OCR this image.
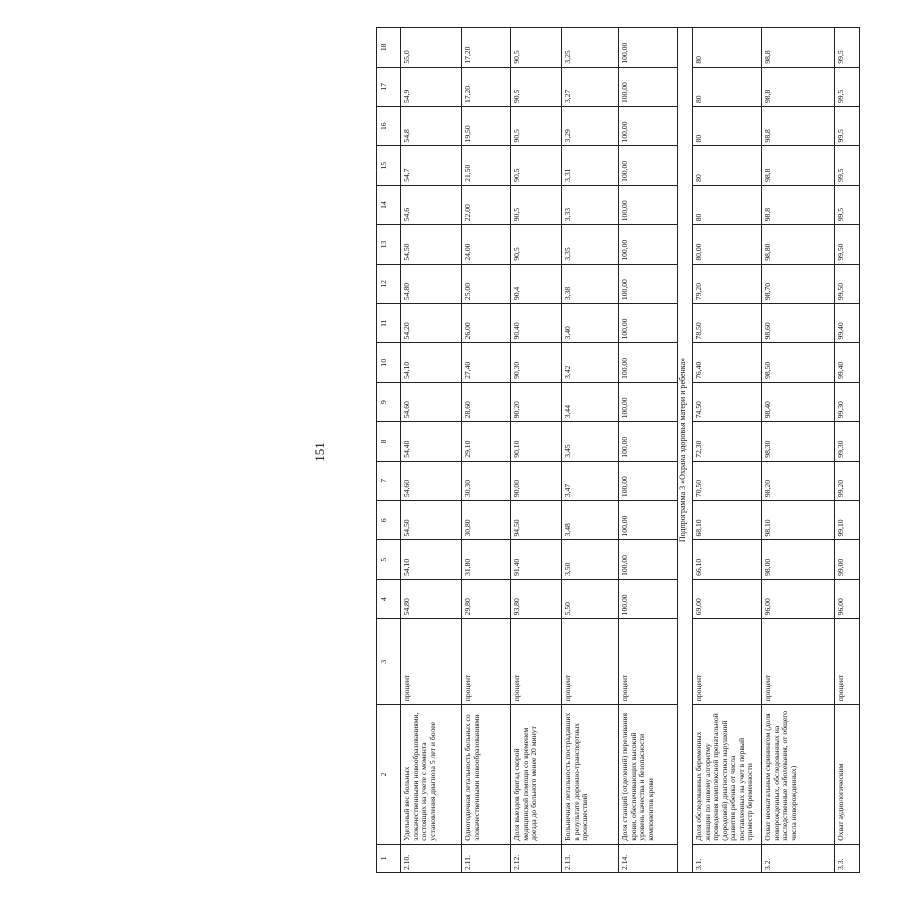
151
1	2	3	4	5	6	7	8	9	10	11	12	13	14	15	16	17	18
2.10.	Удельный вес больных злокачественными новообразованиями, состоящих на учете с момента установления диагноза 5 лет и более	процент	54,80	54,10	54,50	54,60	54,40	54,60	54,10	54,20	54,80	54,50	54,6	54,7	54,8	54,9	55,0
2.11.	Одногодичная летальность больных со злокачественными новообразованиями	процент	29,80	31,80	30,80	30,30	29,10	28,60	27,40	26,00	25,00	24,00	22,00	21,50	19,50	17,20	17,20
2.12.	Доля выездов бригад скорой медицинской помощи со временем доезда до больного менее 20 минут	процент	93,80	91,40	94,50	90,00	90,10	90,20	90,30	90,40	90,4	90,5	90,5	90,5	90,5	90,5	90,5
2.13.	Больничная летальность пострадавших в результате дорожно-транспортных происшествий	процент	5,50	3,50	3,48	3,47	3,45	3,44	3,42	3,40	3,38	3,35	3,33	3,31	3,29	3,27	3,25
2.14.	Доля станций (отделений) переливания крови, обеспечивающих высокий уровень качества и безопасности компонентов крови	процент	100,00	100,00	100,00	100,00	100,00	100,00	100,00	100,00	100,00	100,00	100,00	100,00	100,00	100,00	100,00
Подпрограмма 3 «Охрана здоровья матери и ребенка»																	
3.1.	Доля обследованных беременных женщин по новому алгоритму проведения комплексной пренатальной (дородовой) диагностики нарушений развития ребенка от числа поставленных на учет в первый триместр беременности	процент	69,00	66,10	68,10	70,50	72,30	74,50	76,40	78,50	79,20	80,00	80	80	80	80	80
3.2.	Охват неонатальным скринингом (доля новорожденных, обследованных на наследственные заболевания, от общего числа новорожденных)	процент	96,00	98,00	98,10	98,20	98,30	98,40	98,50	98,60	98,70	98,80	98,8	98,8	98,8	98,8	98,8
3.3.	Охват аудиологическим	процент	96,00	99,00	99,10	99,20	99,30	99,30	99,40	99,40	99,50	99,50	99,5	99,5	99,5	99,5	99,5
